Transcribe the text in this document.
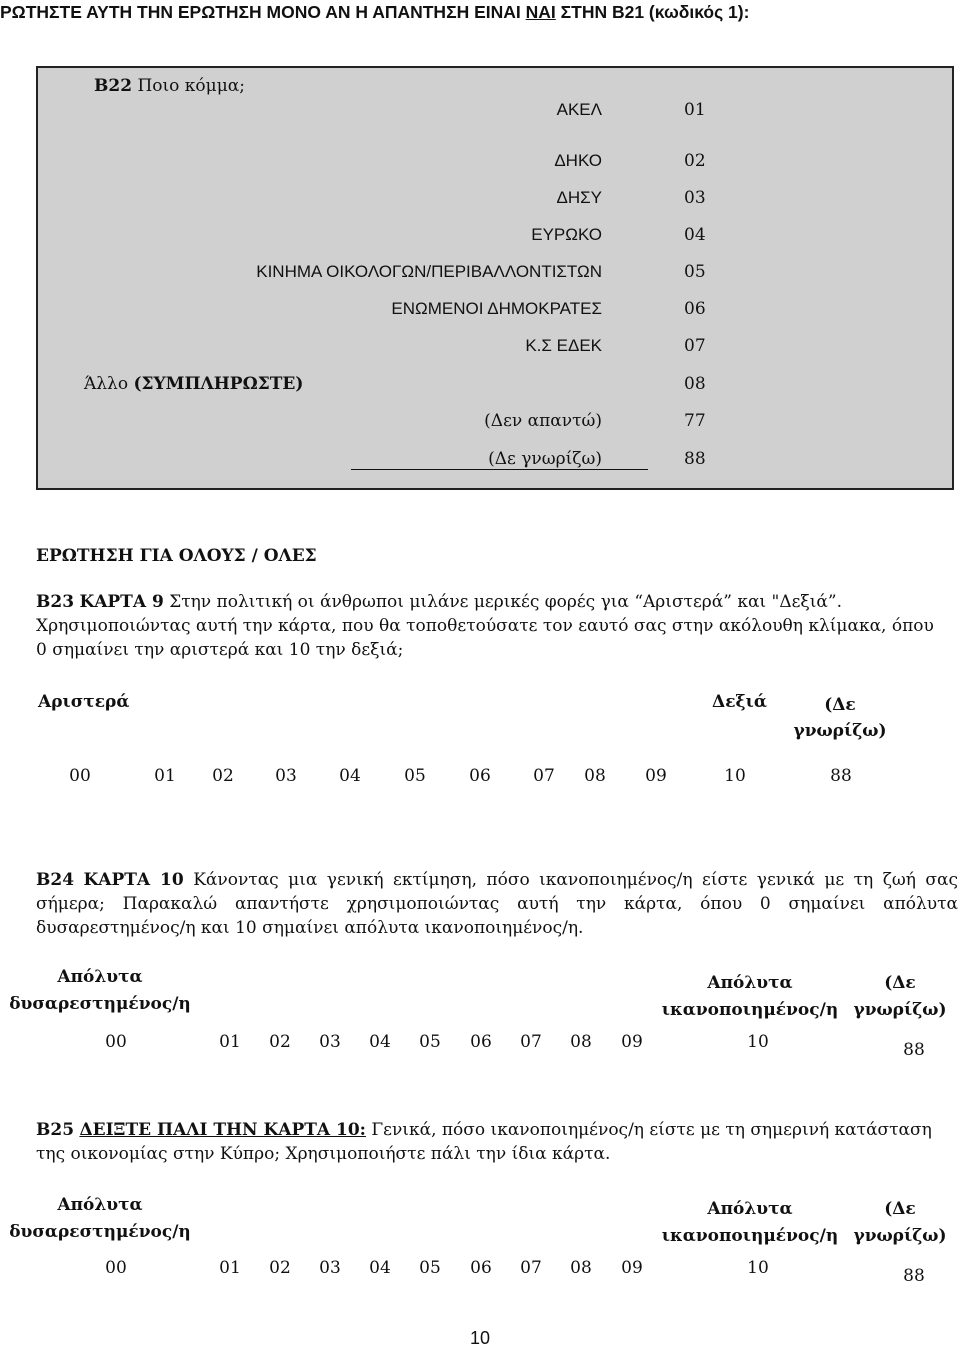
ΡΩΤΗΣΤΕ ΑΥΤΗ ΤΗΝ ΕΡΩΤΗΣΗ ΜΟΝΟ ΑΝ Η ΑΠΑΝΤΗΣΗ ΕΙΝΑΙ ΝΑΙ ΣΤΗΝ Β21 (κωδικός 1):
Β22 Ποιο κόμμα;
ΑΚΕΛ	01
ΔΗΚΟ	02
ΔΗΣΥ	03
ΕΥΡΩΚΟ	04
ΚΙΝΗΜΑ ΟΙΚΟΛΟΓΩΝ/ΠΕΡΙΒΑΛΛΟΝΤΙΣΤΩΝ	05
ΕΝΩΜΕΝΟΙ ΔΗΜΟΚΡΑΤΕΣ	06
Κ.Σ ΕΔΕΚ	07
Άλλο (ΣΥΜΠΛΗΡΩΣΤΕ)	08
(Δεν απαντώ)	77
(Δε γνωρίζω)	88
ΕΡΩΤΗΣΗ ΓΙΑ ΟΛΟΥΣ / ΟΛΕΣ
Β23 ΚΑΡΤΑ 9 Στην πολιτική οι άνθρωποι μιλάνε μερικές φορές για “Αριστερά” και "Δεξιά”.
Χρησιμοποιώντας αυτή την κάρτα, που θα τοποθετούσατε τον εαυτό σας στην ακόλουθη κλίμακα, όπου
0 σημαίνει την αριστερά και 10 την δεξιά;
Αριστερά	Δεξιά	(Δε
γνωρίζω)
00	01	02	03	04	05	06	07	08	09	10	88
Β24 ΚΑΡΤΑ 10 Κάνοντας μια γενική εκτίμηση, πόσο ικανοποιημένος/η είστε γενικά με τη ζωή σας σήμερα; Παρακαλώ απαντήστε χρησιμοποιώντας αυτή την κάρτα, όπου 0 σημαίνει απόλυτα δυσαρεστημένος/η και 10 σημαίνει απόλυτα ικανοποιημένος/η.
Απόλυτα
δυσαρεστημένος/η
Απόλυτα
ικανοποιημένος/η
(Δε
γνωρίζω)
00	01	02	03	04	05	06	07	08	09	10	88
Β25 ΔΕΙΞΤΕ ΠΑΛΙ ΤΗΝ ΚΑΡΤΑ 10: Γενικά, πόσο ικανοποιημένος/η είστε με τη σημερινή κατάσταση
της οικονομίας στην Κύπρο; Χρησιμοποιήστε πάλι την ίδια κάρτα.
Απόλυτα
δυσαρεστημένος/η
Απόλυτα
ικανοποιημένος/η
(Δε
γνωρίζω)
00	01	02	03	04	05	06	07	08	09	10	88
10
